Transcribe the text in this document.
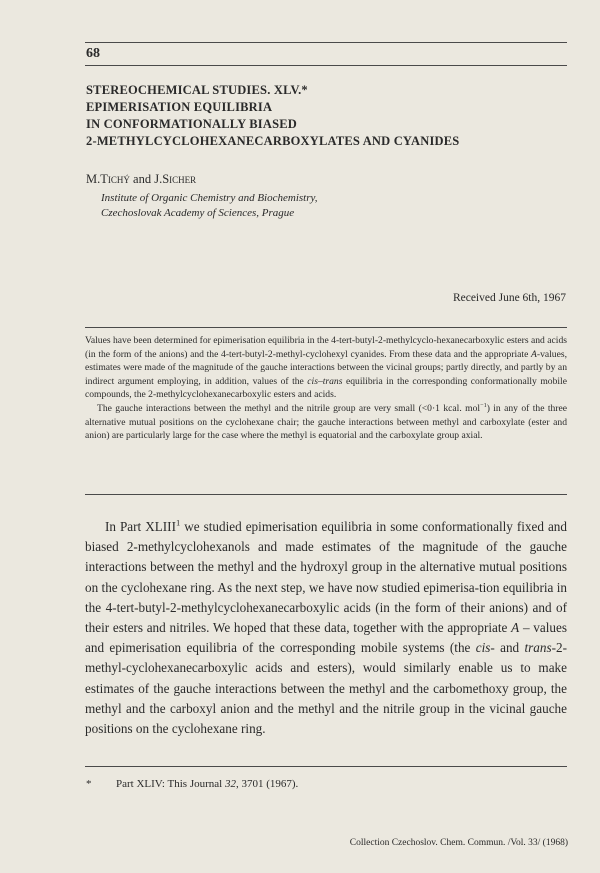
68
STEREOCHEMICAL STUDIES. XLV.*
EPIMERISATION EQUILIBRIA
IN CONFORMATIONALLY BIASED
2-METHYLCYCLOHEXANECARBOXYLATES AND CYANIDES
M.Tichý and J.Sicher
Institute of Organic Chemistry and Biochemistry,
Czechoslovak Academy of Sciences, Prague
Received June 6th, 1967

Values have been determined for epimerisation equilibria in the 4-tert-butyl-2-methylcyclo-hexanecarboxylic esters and acids (in the form of the anions) and the 4-tert-butyl-2-methyl-cyclohexyl cyanides. From these data and the appropriate A-values, estimates were made of the magnitude of the gauche interactions between the vicinal groups; partly directly, and partly by an indirect argument employing, in addition, values of the cis–trans equilibria in the corresponding conformationally mobile compounds, the 2-methylcyclohexanecarboxylic esters and acids.

The gauche interactions between the methyl and the nitrile group are very small (<0·1 kcal. mol$^{-1}$) in any of the three alternative mutual positions on the cyclohexane chair; the gauche interactions between methyl and carboxylate (ester and anion) are particularly large for the case where the methyl is equatorial and the carboxylate group axial.

In Part XLIII$^1$ we studied epimerisation equilibria in some conformationally fixed and biased 2-methylcyclohexanols and made estimates of the magnitude of the gauche interactions between the methyl and the hydroxyl group in the alternative mutual positions on the cyclohexane ring. As the next step, we have now studied epimerisa-tion equilibria in the 4-tert-butyl-2-methylcyclohexanecarboxylic acids (in the form of their anions) and of their esters and nitriles. We hoped that these data, together with the appropriate A – values and epimerisation equilibria of the corresponding mobile systems (the cis- and trans-2-methyl-cyclohexanecarboxylic acids and esters), would similarly enable us to make estimates of the gauche interactions between the methyl and the carbomethoxy group, the methyl and the carboxyl anion and the methyl and the nitrile group in the vicinal gauche positions on the cyclohexane ring.

* Part XLIV: This Journal 32, 3701 (1967).
Collection Czechoslov. Chem. Commun. /Vol. 33/ (1968)
